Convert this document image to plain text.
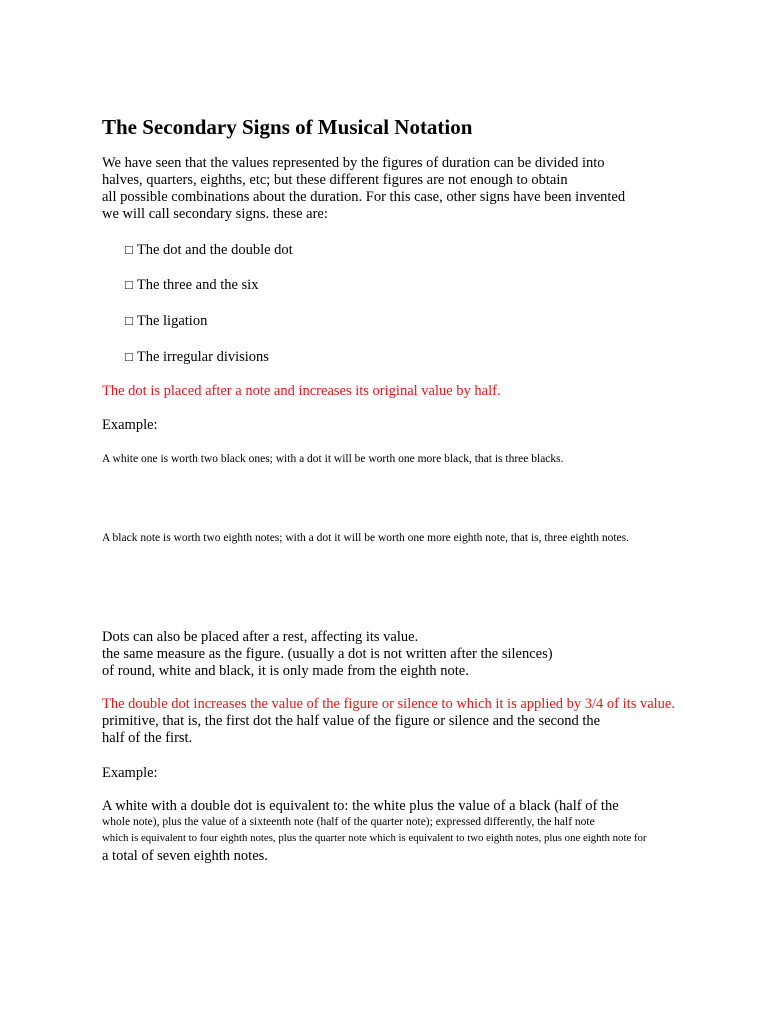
The Secondary Signs of Musical Notation

We have seen that the values represented by the figures of duration can be divided into

halves, quarters, eighths, etc; but these different figures are not enough to obtain

all possible combinations about the duration. For this case, other signs have been invented

we will call secondary signs. these are:

□ The dot and the double dot
□ The three and the six
□ The ligation
□ The irregular divisions

The dot is placed after a note and increases its original value by half.

Example:

A white one is worth two black ones; with a dot it will be worth one more black, that is three blacks.

A black note is worth two eighth notes; with a dot it will be worth one more eighth note, that is, three eighth notes.

Dots can also be placed after a rest, affecting its value.

the same measure as the figure. (usually a dot is not written after the silences)

of round, white and black, it is only made from the eighth note.

The double dot increases the value of the figure or silence to which it is applied by 3/4 of its value.

primitive, that is, the first dot the half value of the figure or silence and the second the

half of the first.

Example:

A white with a double dot is equivalent to: the white plus the value of a black (half of the

whole note), plus the value of a sixteenth note (half of the quarter note); expressed differently, the half note

which is equivalent to four eighth notes, plus the quarter note which is equivalent to two eighth notes, plus one eighth note for

a total of seven eighth notes.
